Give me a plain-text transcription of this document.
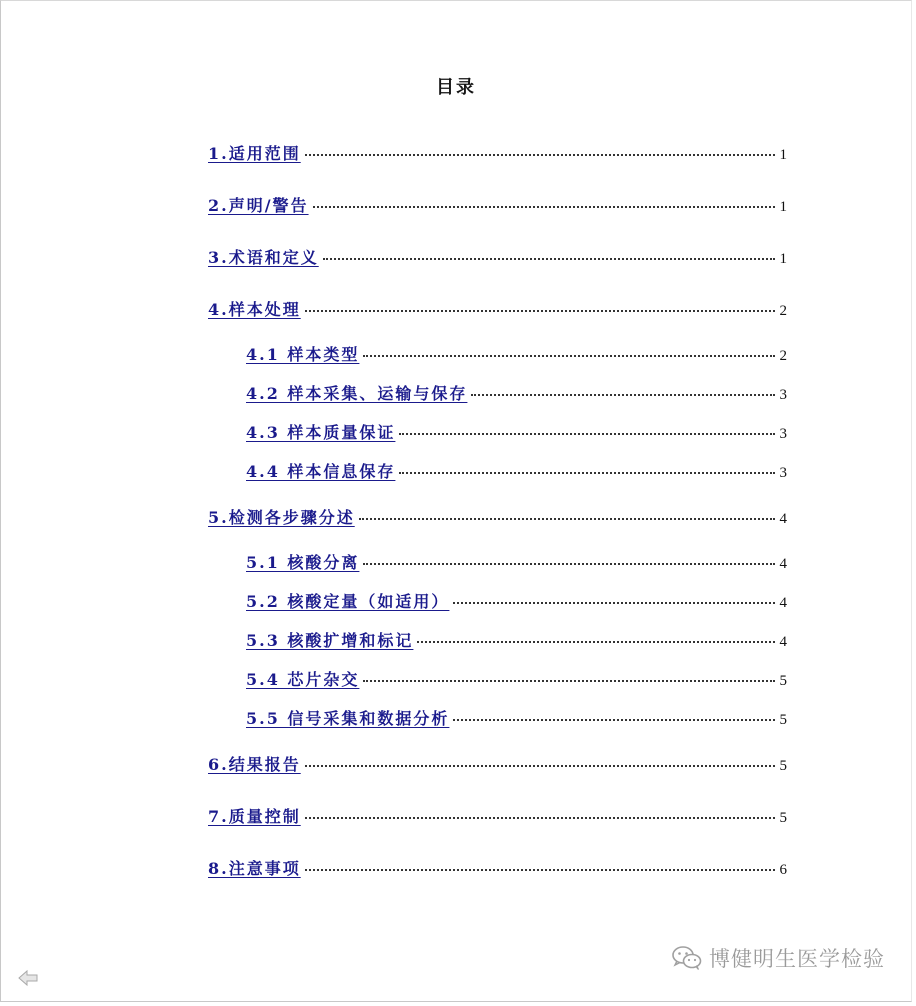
目录
1.适用范围	1
2.声明/警告	1
3.术语和定义	1
4.样本处理	2
4.1 样本类型	2
4.2 样本采集、运输与保存	3
4.3 样本质量保证	3
4.4 样本信息保存	3
5.检测各步骤分述	4
5.1 核酸分离	4
5.2 核酸定量（如适用）	4
5.3 核酸扩增和标记	4
5.4 芯片杂交	5
5.5 信号采集和数据分析	5
6.结果报告	5
7.质量控制	5
8.注意事项	6
博健明生医学检验
